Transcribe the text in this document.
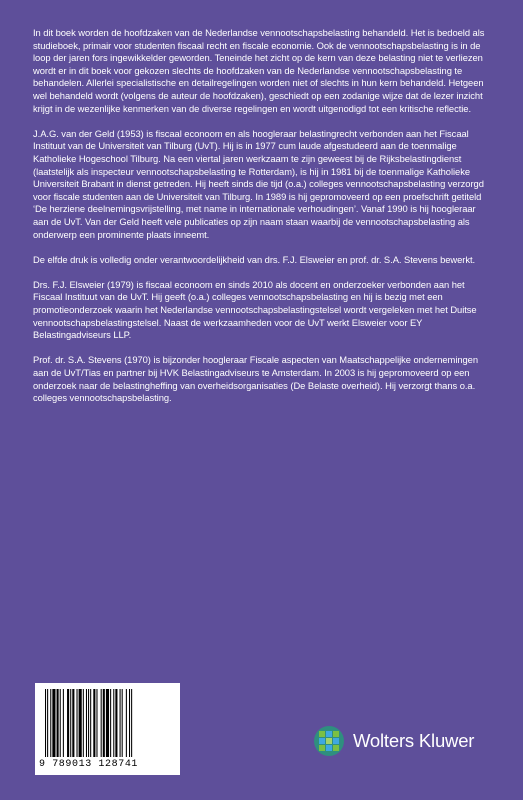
In dit boek worden de hoofdzaken van de Nederlandse vennootschapsbelasting behandeld. Het is bedoeld als studieboek, primair voor studenten fiscaal recht en fiscale economie. Ook de vennootschapsbelasting is in de loop der jaren fors ingewikkelder geworden. Teneinde het zicht op de kern van deze belasting niet te verliezen wordt er in dit boek voor gekozen slechts de hoofdzaken van de Nederlandse vennootschapsbelasting te behandelen. Allerlei specialistische en detailregelingen worden niet of slechts in hun kern behandeld. Hetgeen wel behandeld wordt (volgens de auteur de hoofdzaken), geschiedt op een zodanige wijze dat de lezer inzicht krijgt in de wezenlijke kenmerken van de diverse regelingen en wordt uitgenodigd tot een kritische reflectie.

J.A.G. van der Geld (1953) is fiscaal econoom en als hoogleraar belastingrecht verbonden aan het Fiscaal Instituut van de Universiteit van Tilburg (UvT). Hij is in 1977 cum laude afgestudeerd aan de toenmalige Katholieke Hogeschool Tilburg. Na een viertal jaren werkzaam te zijn geweest bij de Rijksbelastingdienst (laatstelijk als inspecteur vennootschapsbelasting te Rotterdam), is hij in 1981 bij de toenmalige Katholieke Universiteit Brabant in dienst getreden. Hij heeft sinds die tijd (o.a.) colleges vennootschapsbelasting verzorgd voor fiscale studenten aan de Universiteit van Tilburg. In 1989 is hij gepromoveerd op een proefschrift getiteld ‘De herziene deelnemingsvrijstelling, met name in internationale verhoudingen’. Vanaf 1990 is hij hoogleraar aan de UvT. Van der Geld heeft vele publicaties op zijn naam staan waarbij de vennootschapsbelasting als onderwerp een prominente plaats inneemt.

De elfde druk is volledig onder verantwoordelijkheid van drs. F.J. Elsweier en prof. dr. S.A. Stevens bewerkt.

Drs. F.J. Elsweier (1979) is fiscaal econoom en sinds 2010 als docent en onderzoeker verbonden aan het Fiscaal Instituut van de UvT. Hij geeft (o.a.) colleges vennootschapsbelasting en hij is bezig met een promotieonderzoek waarin het Nederlandse vennootschapsbelastingstelsel wordt vergeleken met het Duitse vennootschapsbelastingstelsel. Naast de werkzaamheden voor de UvT werkt Elsweier voor EY Belastingadviseurs LLP.

Prof. dr. S.A. Stevens (1970) is bijzonder hoogleraar Fiscale aspecten van Maatschappelijke ondernemingen aan de UvT/Tias en partner bij HVK Belastingadviseurs te Amsterdam. In 2003 is hij gepromoveerd op een onderzoek naar de belastingheffing van overheidsorganisaties (De Belaste overheid). Hij verzorgt thans o.a. colleges vennootschapsbelasting.

9 789013 128741
Wolters Kluwer
